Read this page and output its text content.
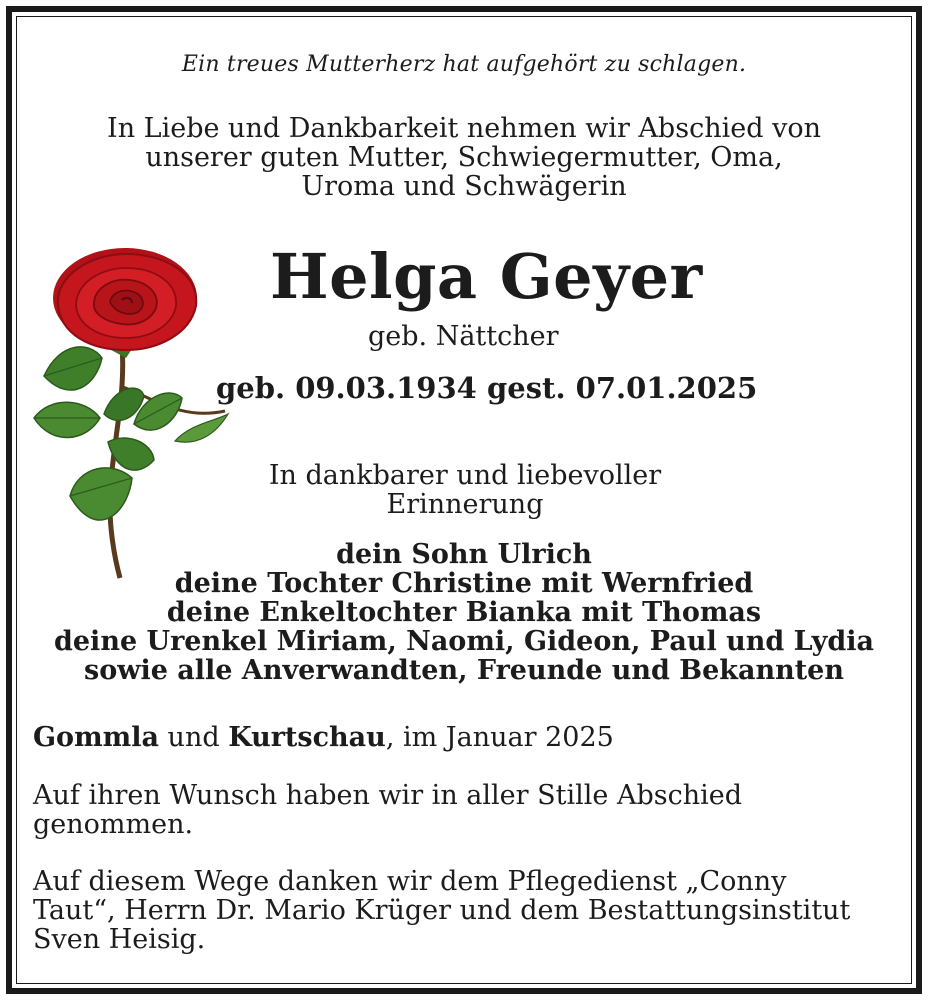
Ein treues Mutterherz hat aufgehört zu schlagen.
In Liebe und Dankbarkeit nehmen wir Abschied von
unserer guten Mutter, Schwiegermutter, Oma,
Uroma und Schwägerin
Helga Geyer
geb. Nättcher
geb. 09.03.1934 gest. 07.01.2025
In dankbarer und liebevoller
Erinnerung
dein Sohn Ulrich
deine Tochter Christine mit Wernfried
deine Enkeltochter Bianka mit Thomas
deine Urenkel Miriam, Naomi, Gideon, Paul und Lydia
sowie alle Anverwandten, Freunde und Bekannten
Gommla und Kurtschau, im Januar 2025
Auf ihren Wunsch haben wir in aller Stille Abschied
genommen.
Auf diesem Wege danken wir dem Pflegedienst „Conny
Taut“, Herrn Dr. Mario Krüger und dem Bestattungsinstitut
Sven Heisig.
